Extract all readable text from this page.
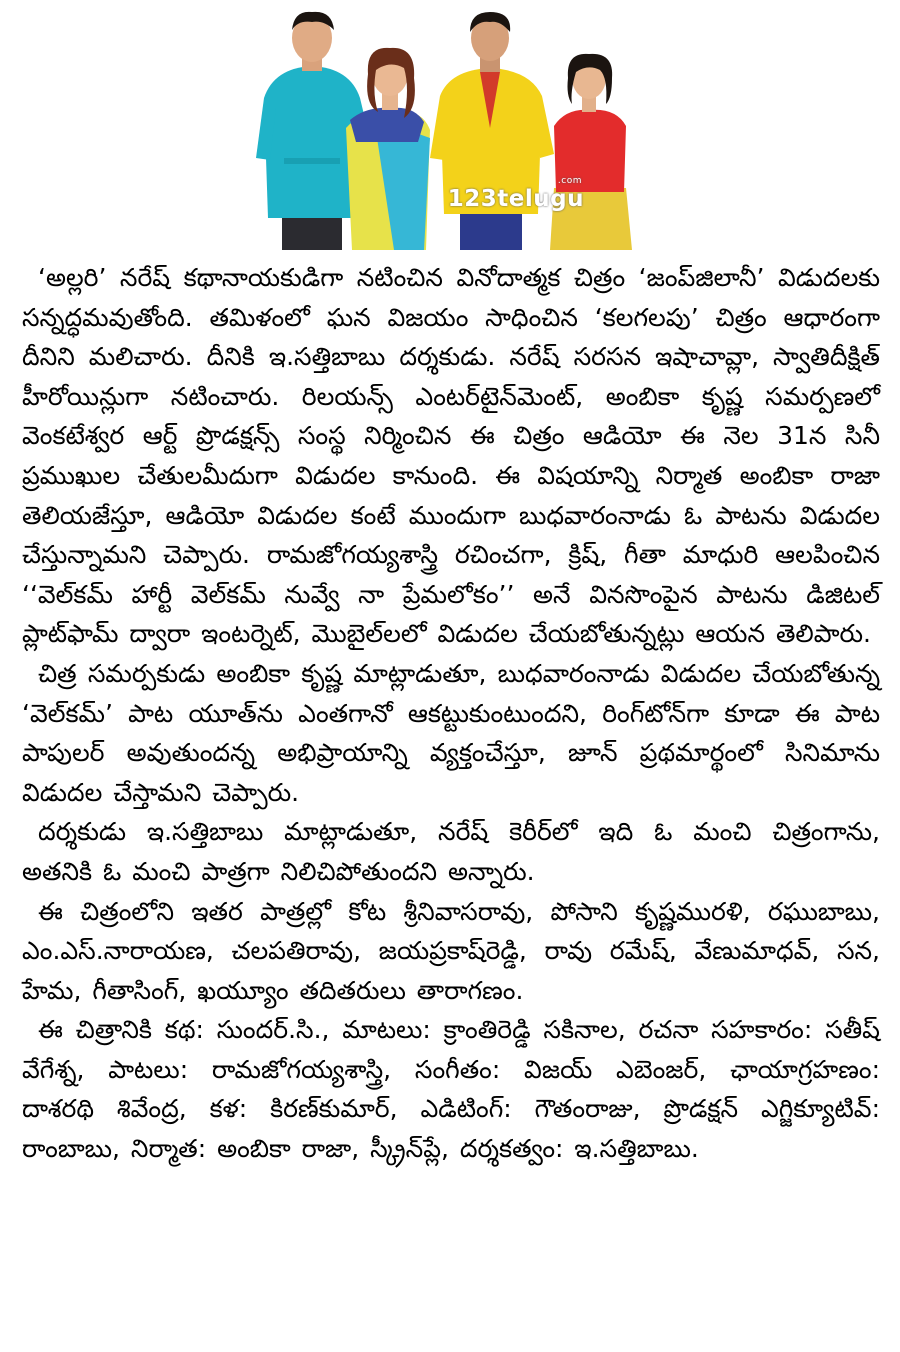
123telugu
.com

‘అల్లరి’ నరేష్ కథానాయకుడిగా నటించిన వినోదాత్మక చిత్రం ‘జంప్‌జిలానీ’ విడుదలకు సన్నద్ధమవుతోంది. తమిళంలో ఘన విజయం సాధించిన ‘కలగలపు’ చిత్రం ఆధారంగా దీనిని మలిచారు. దీనికి ఇ.సత్తిబాబు దర్శకుడు. నరేష్ సరసన ఇషాచావ్లా, స్వాతిదీక్షిత్ హీరోయిన్లుగా నటించారు. రిలయన్స్ ఎంటర్‌టైన్‌మెంట్, అంబికా కృష్ణ సమర్పణలో వెంకటేశ్వర ఆర్ట్ ప్రొడక్షన్స్ సంస్థ నిర్మించిన ఈ చిత్రం ఆడియో ఈ నెల 31న సినీ ప్రముఖుల చేతులమీదుగా విడుదల కానుంది. ఈ విషయాన్ని నిర్మాత అంబికా రాజా తెలియజేస్తూ, ఆడియో విడుదల కంటే ముందుగా బుధవారంనాడు ఓ పాటను విడుదల చేస్తున్నామని చెప్పారు. రామజోగయ్యశాస్త్రి రచించగా, క్రిష్, గీతా మాధురి ఆలపించిన ‘‘వెల్‌కమ్ హార్టీ వెల్‌కమ్ నువ్వే నా ప్రేమలోకం’’ అనే వినసొంపైన పాటను డిజిటల్ ప్లాట్‌ఫామ్ ద్వారా ఇంటర్నెట్, మొబైల్‌లలో విడుదల చేయబోతున్నట్లు ఆయన తెలిపారు.

చిత్ర సమర్పకుడు అంబికా కృష్ణ మాట్లాడుతూ, బుధవారంనాడు విడుదల చేయబోతున్న ‘వెల్‌కమ్’ పాట యూత్‌ను ఎంతగానో ఆకట్టుకుంటుందని, రింగ్‌టోన్‌గా కూడా ఈ పాట పాపులర్ అవుతుందన్న అభిప్రాయాన్ని వ్యక్తంచేస్తూ, జూన్ ప్రథమార్థంలో సినిమాను విడుదల చేస్తామని చెప్పారు.

దర్శకుడు ఇ.సత్తిబాబు మాట్లాడుతూ, నరేష్ కెరీర్‌లో ఇది ఓ మంచి చిత్రంగాను, అతనికి ఓ మంచి పాత్రగా నిలిచిపోతుందని అన్నారు.

ఈ చిత్రంలోని ఇతర పాత్రల్లో కోట శ్రీనివాసరావు, పోసాని కృష్ణమురళి, రఘుబాబు, ఎం.ఎస్.నారాయణ, చలపతిరావు, జయప్రకాష్‌రెడ్డి, రావు రమేష్, వేణుమాధవ్, సన, హేమ, గీతాసింగ్, ఖయ్యూం తదితరులు తారాగణం.

ఈ చిత్రానికి కథ: సుందర్.సి., మాటలు: క్రాంతిరెడ్డి సకినాల, రచనా సహకారం: సతీష్ వేగేశ్న, పాటలు: రామజోగయ్యశాస్త్రి, సంగీతం: విజయ్ ఎబెంజర్, ఛాయాగ్రహణం: దాశరథి శివేంద్ర, కళ: కిరణ్‌కుమార్, ఎడిటింగ్: గౌతంరాజు, ప్రొడక్షన్ ఎగ్జిక్యూటివ్: రాంబాబు, నిర్మాత: అంబికా రాజా, స్క్రీన్‌ప్లే, దర్శకత్వం: ఇ.సత్తిబాబు.
